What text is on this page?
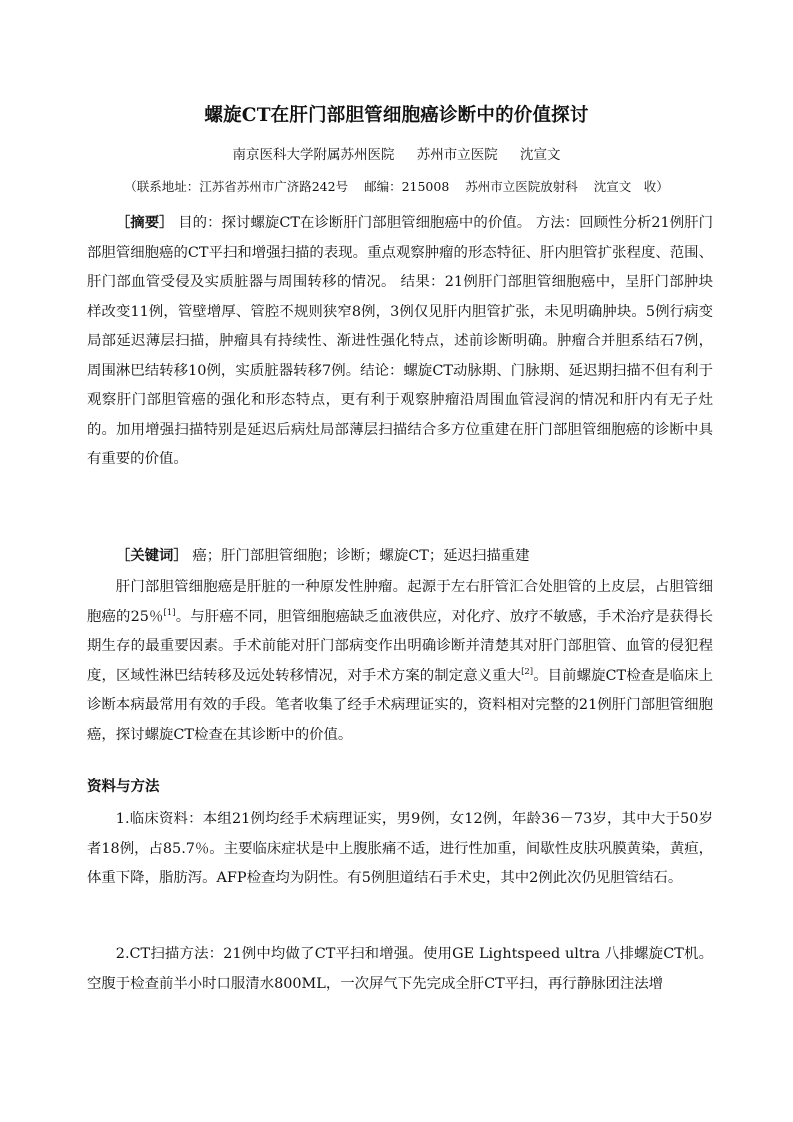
螺旋CT在肝门部胆管细胞癌诊断中的价值探讨
南京医科大学附属苏州医院 苏州市立医院 沈宣文
（联系地址：江苏省苏州市广济路242号 邮编：215008 苏州市立医院放射科 沈宣文　收）
［摘要］ 目的：探讨螺旋CT在诊断肝门部胆管细胞癌中的价值。 方法：回顾性分析21例肝门部胆管细胞癌的CT平扫和增强扫描的表现。重点观察肿瘤的形态特征、肝内胆管扩张程度、范围、肝门部血管受侵及实质脏器与周围转移的情况。 结果：21例肝门部胆管细胞癌中，呈肝门部肿块样改变11例，管壁增厚、管腔不规则狭窄8例，3例仅见肝内胆管扩张，未见明确肿块。5例行病变局部延迟薄层扫描，肿瘤具有持续性、渐进性强化特点，述前诊断明确。肿瘤合并胆系结石7例，周围淋巴结转移10例，实质脏器转移7例。结论：螺旋CT动脉期、门脉期、延迟期扫描不但有利于观察肝门部胆管癌的强化和形态特点，更有利于观察肿瘤沿周围血管浸润的情况和肝内有无子灶的。加用增强扫描特别是延迟后病灶局部薄层扫描结合多方位重建在肝门部胆管细胞癌的诊断中具有重要的价值。
［关键词］ 癌；肝门部胆管细胞；诊断；螺旋CT；延迟扫描重建
肝门部胆管细胞癌是肝脏的一种原发性肿瘤。起源于左右肝管汇合处胆管的上皮层，占胆管细胞癌的25％[1]。与肝癌不同，胆管细胞癌缺乏血液供应，对化疗、放疗不敏感，手术治疗是获得长期生存的最重要因素。手术前能对肝门部病变作出明确诊断并清楚其对肝门部胆管、血管的侵犯程度，区域性淋巴结转移及远处转移情况，对手术方案的制定意义重大[2]。目前螺旋CT检查是临床上诊断本病最常用有效的手段。笔者收集了经手术病理证实的，资料相对完整的21例肝门部胆管细胞癌，探讨螺旋CT检查在其诊断中的价值。
资料与方法
1.临床资料：本组21例均经手术病理证实，男9例，女12例，年龄36－73岁，其中大于50岁者18例，占85.7％。主要临床症状是中上腹胀痛不适，进行性加重，间歇性皮肤巩膜黄染，黄疸，体重下降，脂肪泻。AFP检查均为阴性。有5例胆道结石手术史，其中2例此次仍见胆管结石。
2.CT扫描方法：21例中均做了CT平扫和增强。使用GE Lightspeed ultra 八排螺旋CT机。空腹于检查前半小时口服清水800ML，一次屏气下先完成全肝CT平扫，再行静脉团注法增
